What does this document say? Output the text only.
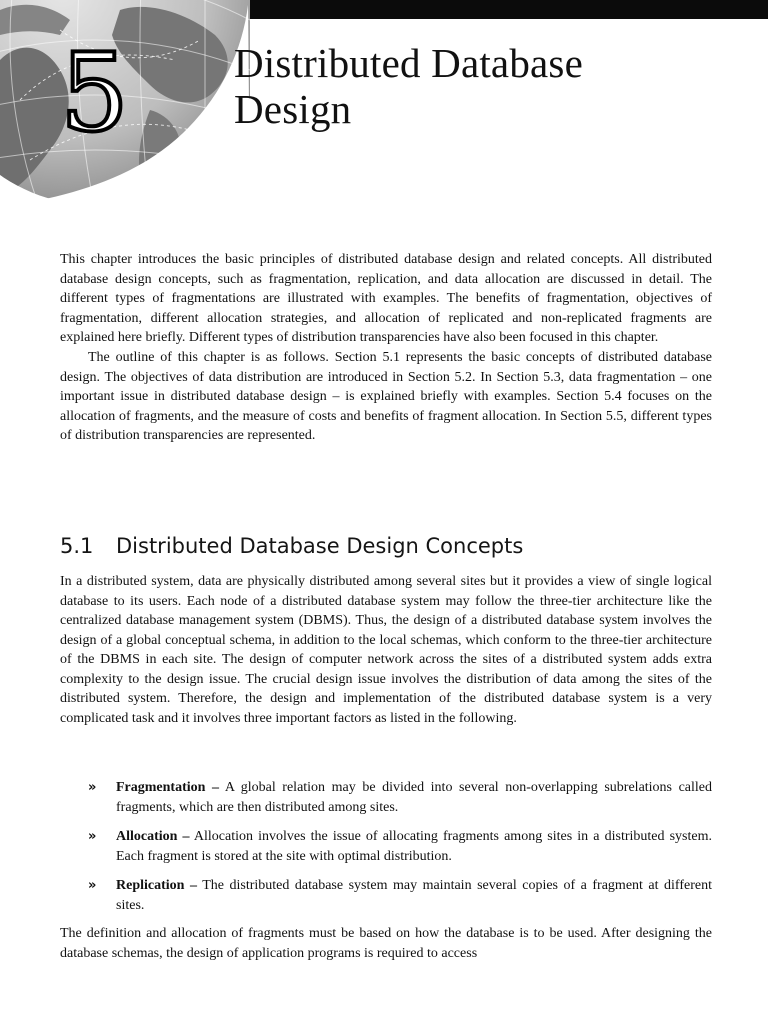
5	Distributed Database
Design

This chapter introduces the basic principles of distributed database design and related concepts. All distributed database design concepts, such as fragmentation, replication, and data allocation are discussed in detail. The different types of fragmentations are illustrated with examples. The benefits of fragmentation, objectives of fragmentation, different allocation strategies, and allocation of replicated and non-replicated fragments are explained here briefly. Different types of distribution transparencies have also been focused in this chapter.

The outline of this chapter is as follows. Section 5.1 represents the basic concepts of distributed database design. The objectives of data distribution are introduced in Section 5.2. In Section 5.3, data fragmentation – one important issue in distributed database design – is explained briefly with examples. Section 5.4 focuses on the allocation of fragments, and the measure of costs and benefits of fragment allocation. In Section 5.5, different types of distribution transparencies are represented.

5.1 Distributed Database Design Concepts

In a distributed system, data are physically distributed among several sites but it provides a view of single logical database to its users. Each node of a distributed database system may follow the three-tier architecture like the centralized database management system (DBMS). Thus, the design of a distributed database system involves the design of a global conceptual schema, in addition to the local schemas, which conform to the three-tier architecture of the DBMS in each site. The design of computer network across the sites of a distributed system adds extra complexity to the design issue. The crucial design issue involves the distribution of data among the sites of the distributed system. Therefore, the design and implementation of the distributed database system is a very complicated task and it involves three important factors as listed in the following.

» Fragmentation – A global relation may be divided into several non-overlapping subrelations called fragments, which are then distributed among sites.
» Allocation – Allocation involves the issue of allocating fragments among sites in a distributed system. Each fragment is stored at the site with optimal distribution.
» Replication – The distributed database system may maintain several copies of a fragment at different sites.

The definition and allocation of fragments must be based on how the database is to be used. After designing the database schemas, the design of application programs is required to access
